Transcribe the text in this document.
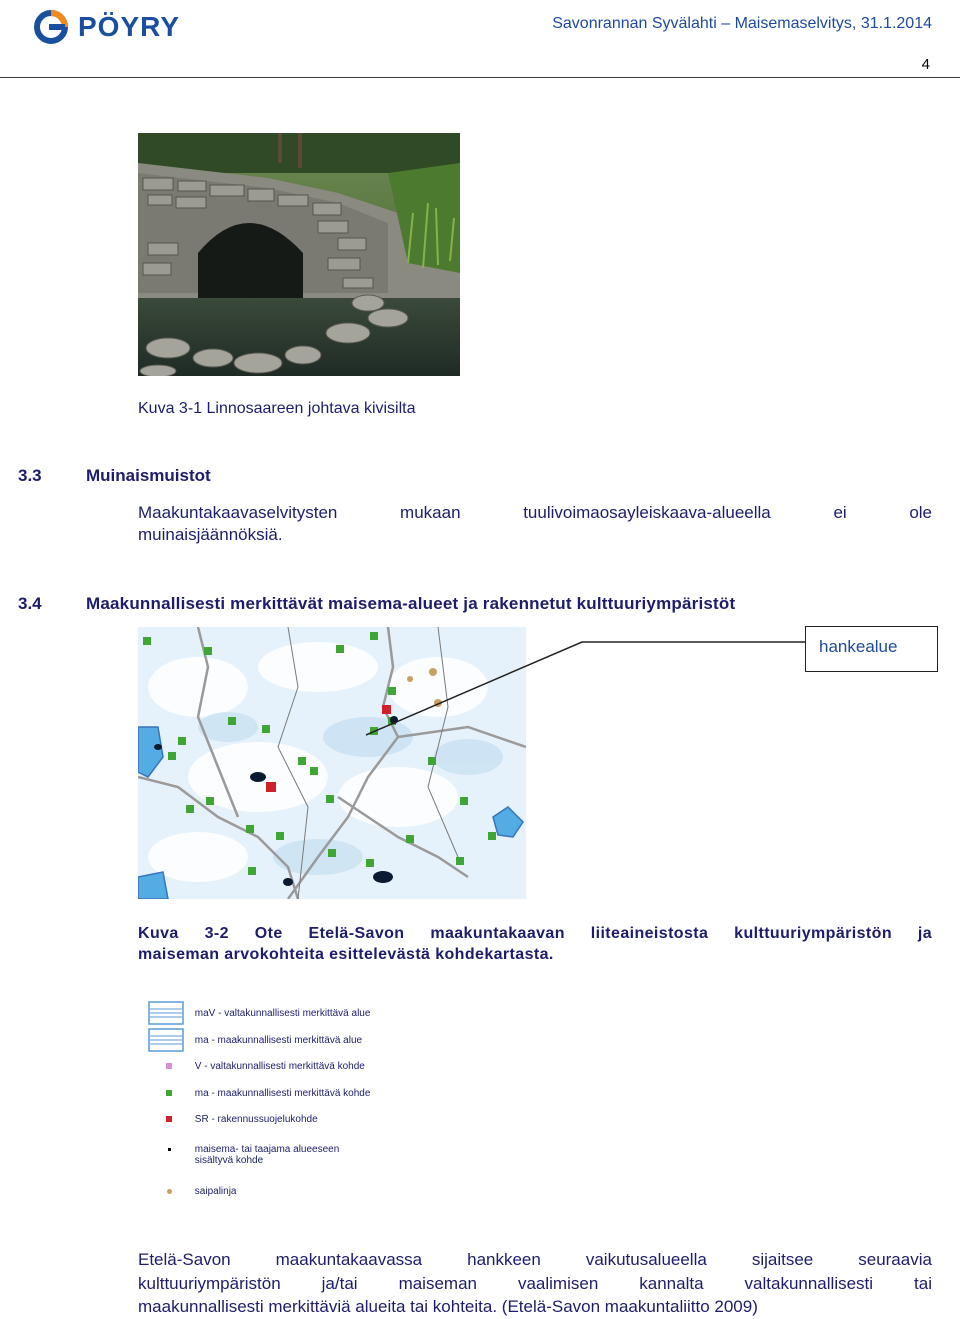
PÖYRY	Savonrannan Syvälahti – Maisemaselvitys, 31.1.2014
4
Kuva 3-1 Linnosaareen johtava kivisilta
3.3	Muinaismuistot
Maakuntakaavaselvitysten	mukaan	tuulivoimaosayleiskaava-alueella	ei	ole
muinaisjäännöksiä.
3.4	Maakunnallisesti merkittävät maisema-alueet ja rakennetut kulttuuriympäristöt
hankealue
Kuva 3-2 Ote Etelä-Savon maakuntakaavan liiteaineistosta kulttuuriympäristön ja
maiseman arvokohteita esittelevästä kohdekartasta.
maV - valtakunnallisesti merkittävä alue
ma - maakunnallisesti merkittävä alue
V - valtakunnallisesti merkittävä kohde
ma - maakunnallisesti merkittävä kohde
SR - rakennussuojelukohde

maisema- tai taajama alueeseen
sisältyvä kohde
saipalinja
Etelä-Savon	maakuntakaavassa	hankkeen	vaikutusalueella	sijaitsee	seuraavia
kulttuuriympäristön ja/tai maiseman vaalimisen kannalta valtakunnallisesti tai
maakunnallisesti merkittäviä alueita tai kohteita. (Etelä-Savon maakuntaliitto 2009)
